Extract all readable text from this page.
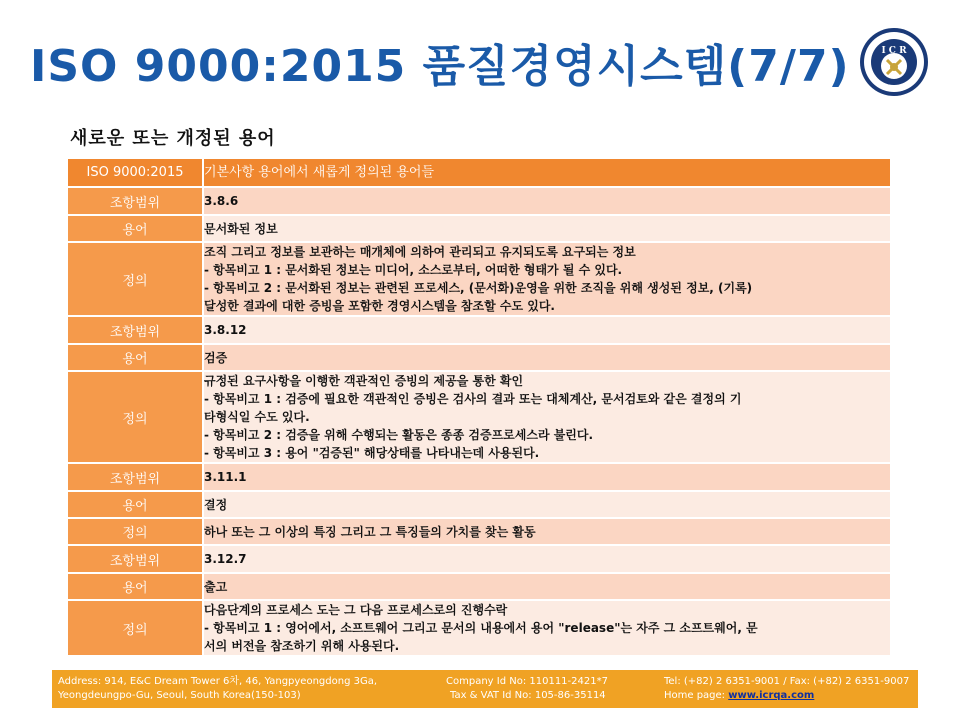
ISO 9000:2015 품질경영시스템(7/7)	I C R
새로운 또는 개정된 용어
ISO 9000:2015	기본사항 용어에서 새롭게 정의된 용어들
조항범위	3.8.6

용어	문서화된 정보

정의	조직 그리고 정보를 보관하는 매개체에 의하여 관리되고 유지되도록 요구되는 정보
- 항목비고 1 : 문서화된 정보는 미디어, 소스로부터, 어떠한 형태가 될 수 있다.
- 항목비고 2 : 문서화된 정보는 관련된 프로세스, (문서화)운영을 위한 조직을 위해 생성된 정보, (기록)
달성한 결과에 대한 증빙을 포함한 경영시스템을 참조할 수도 있다.

조항범위	3.8.12

용어	검증

정의	규정된 요구사항을 이행한 객관적인 증빙의 제공을 통한 확인
- 항목비고 1 : 검증에 필요한 객관적인 증빙은 검사의 결과 또는 대체계산, 문서검토와 같은 결정의 기
타형식일 수도 있다.
- 항목비고 2 : 검증을 위해 수행되는 활동은 종종 검증프로세스라 불린다.
- 항목비고 3 : 용어 "검증된" 해당상태를 나타내는데 사용된다.

조항범위	3.11.1

용어	결정

정의	하나 또는 그 이상의 특징 그리고 그 특징들의 가치를 찾는 활동

조항범위	3.12.7

용어	출고

정의	다음단계의 프로세스 도는 그 다음 프로세스로의 진행수락
- 항목비고 1 : 영어에서, 소프트웨어 그리고 문서의 내용에서 용어 "release"는 자주 그 소프트웨어, 문
서의 버전을 참조하기 위해 사용된다.
Address: 914, E&C Dream Tower 6차, 46, Yangpyeongdong 3Ga,
Yeongdeungpo-Gu, Seoul, South Korea(150-103)
Company Id No: 110111-2421*7
Tax & VAT Id No: 105-86-35114
Tel: (+82) 2 6351-9001 / Fax: (+82) 2 6351-9007
Home page: www.icrqa.com
